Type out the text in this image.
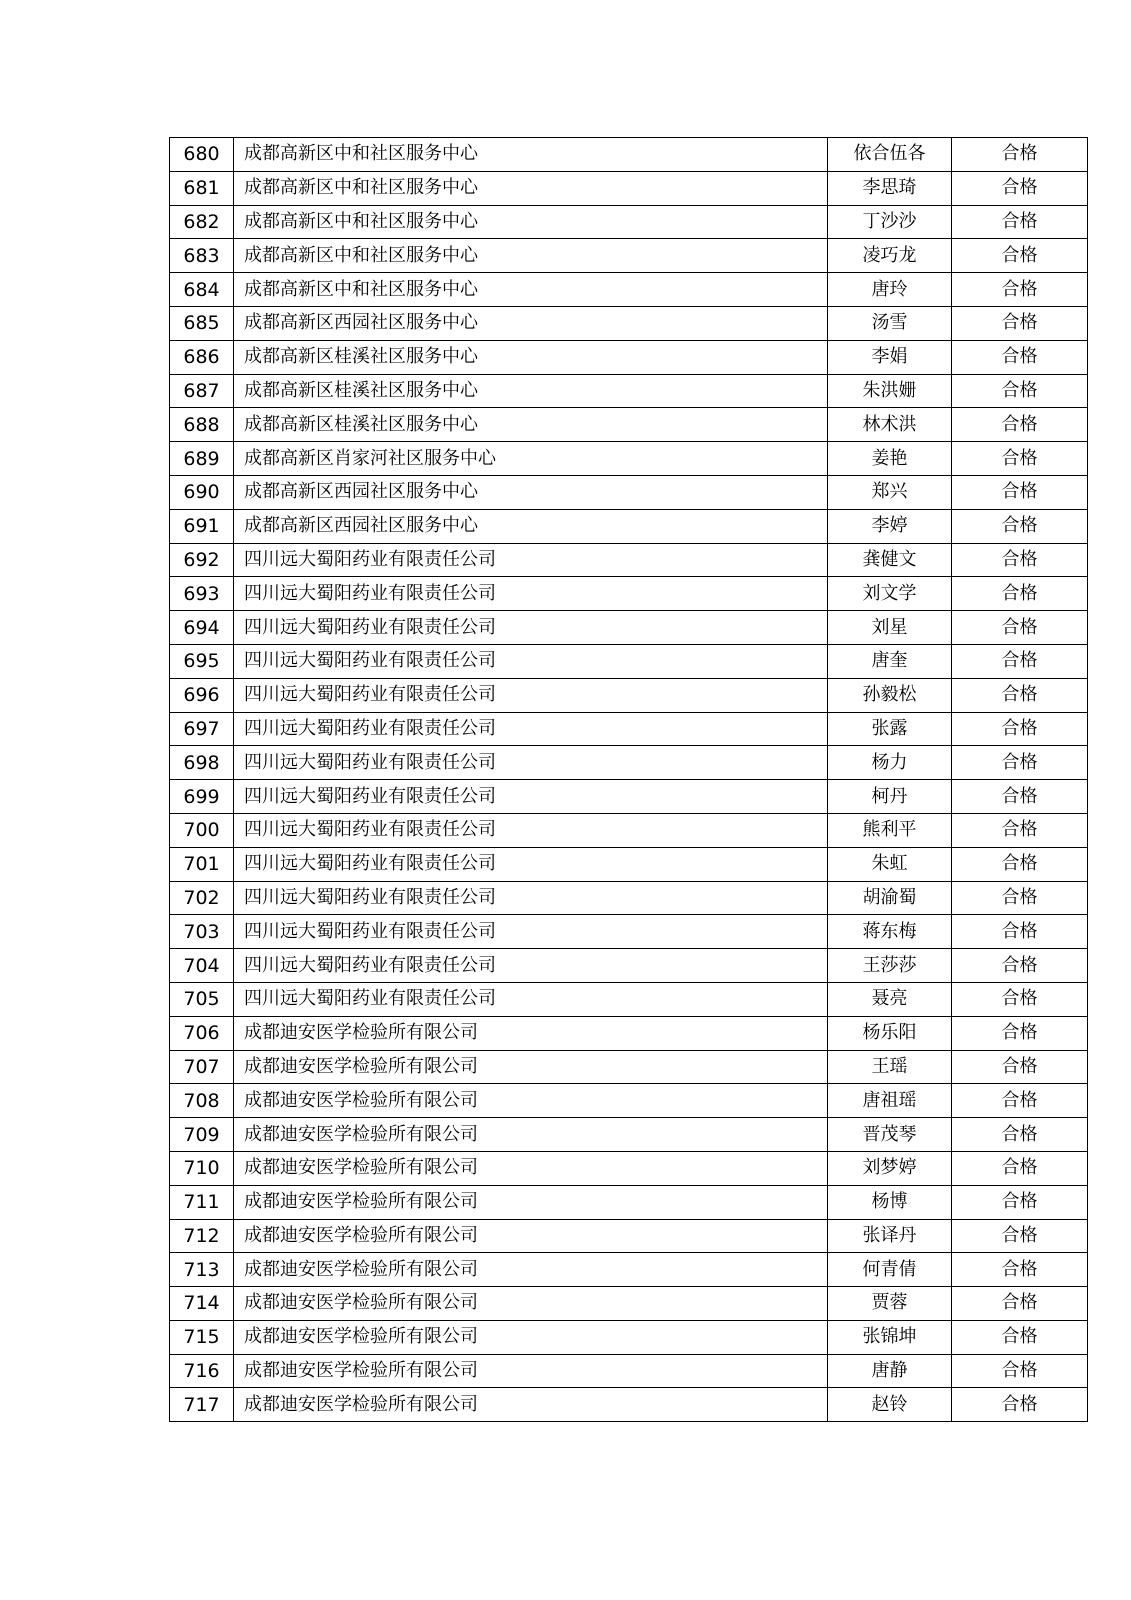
680	成都高新区中和社区服务中心	依合伍各	合格
681	成都高新区中和社区服务中心	李思琦	合格
682	成都高新区中和社区服务中心	丁沙沙	合格
683	成都高新区中和社区服务中心	凌巧龙	合格
684	成都高新区中和社区服务中心	唐玲	合格
685	成都高新区西园社区服务中心	汤雪	合格
686	成都高新区桂溪社区服务中心	李娟	合格
687	成都高新区桂溪社区服务中心	朱洪姗	合格
688	成都高新区桂溪社区服务中心	林术洪	合格
689	成都高新区肖家河社区服务中心	姜艳	合格
690	成都高新区西园社区服务中心	郑兴	合格
691	成都高新区西园社区服务中心	李婷	合格
692	四川远大蜀阳药业有限责任公司	龚健文	合格
693	四川远大蜀阳药业有限责任公司	刘文学	合格
694	四川远大蜀阳药业有限责任公司	刘星	合格
695	四川远大蜀阳药业有限责任公司	唐奎	合格
696	四川远大蜀阳药业有限责任公司	孙毅松	合格
697	四川远大蜀阳药业有限责任公司	张露	合格
698	四川远大蜀阳药业有限责任公司	杨力	合格
699	四川远大蜀阳药业有限责任公司	柯丹	合格
700	四川远大蜀阳药业有限责任公司	熊利平	合格
701	四川远大蜀阳药业有限责任公司	朱虹	合格
702	四川远大蜀阳药业有限责任公司	胡渝蜀	合格
703	四川远大蜀阳药业有限责任公司	蒋东梅	合格
704	四川远大蜀阳药业有限责任公司	王莎莎	合格
705	四川远大蜀阳药业有限责任公司	聂亮	合格
706	成都迪安医学检验所有限公司	杨乐阳	合格
707	成都迪安医学检验所有限公司	王瑶	合格
708	成都迪安医学检验所有限公司	唐祖瑶	合格
709	成都迪安医学检验所有限公司	晋茂琴	合格
710	成都迪安医学检验所有限公司	刘梦婷	合格
711	成都迪安医学检验所有限公司	杨博	合格
712	成都迪安医学检验所有限公司	张译丹	合格
713	成都迪安医学检验所有限公司	何青倩	合格
714	成都迪安医学检验所有限公司	贾蓉	合格
715	成都迪安医学检验所有限公司	张锦坤	合格
716	成都迪安医学检验所有限公司	唐静	合格
717	成都迪安医学检验所有限公司	赵铃	合格
